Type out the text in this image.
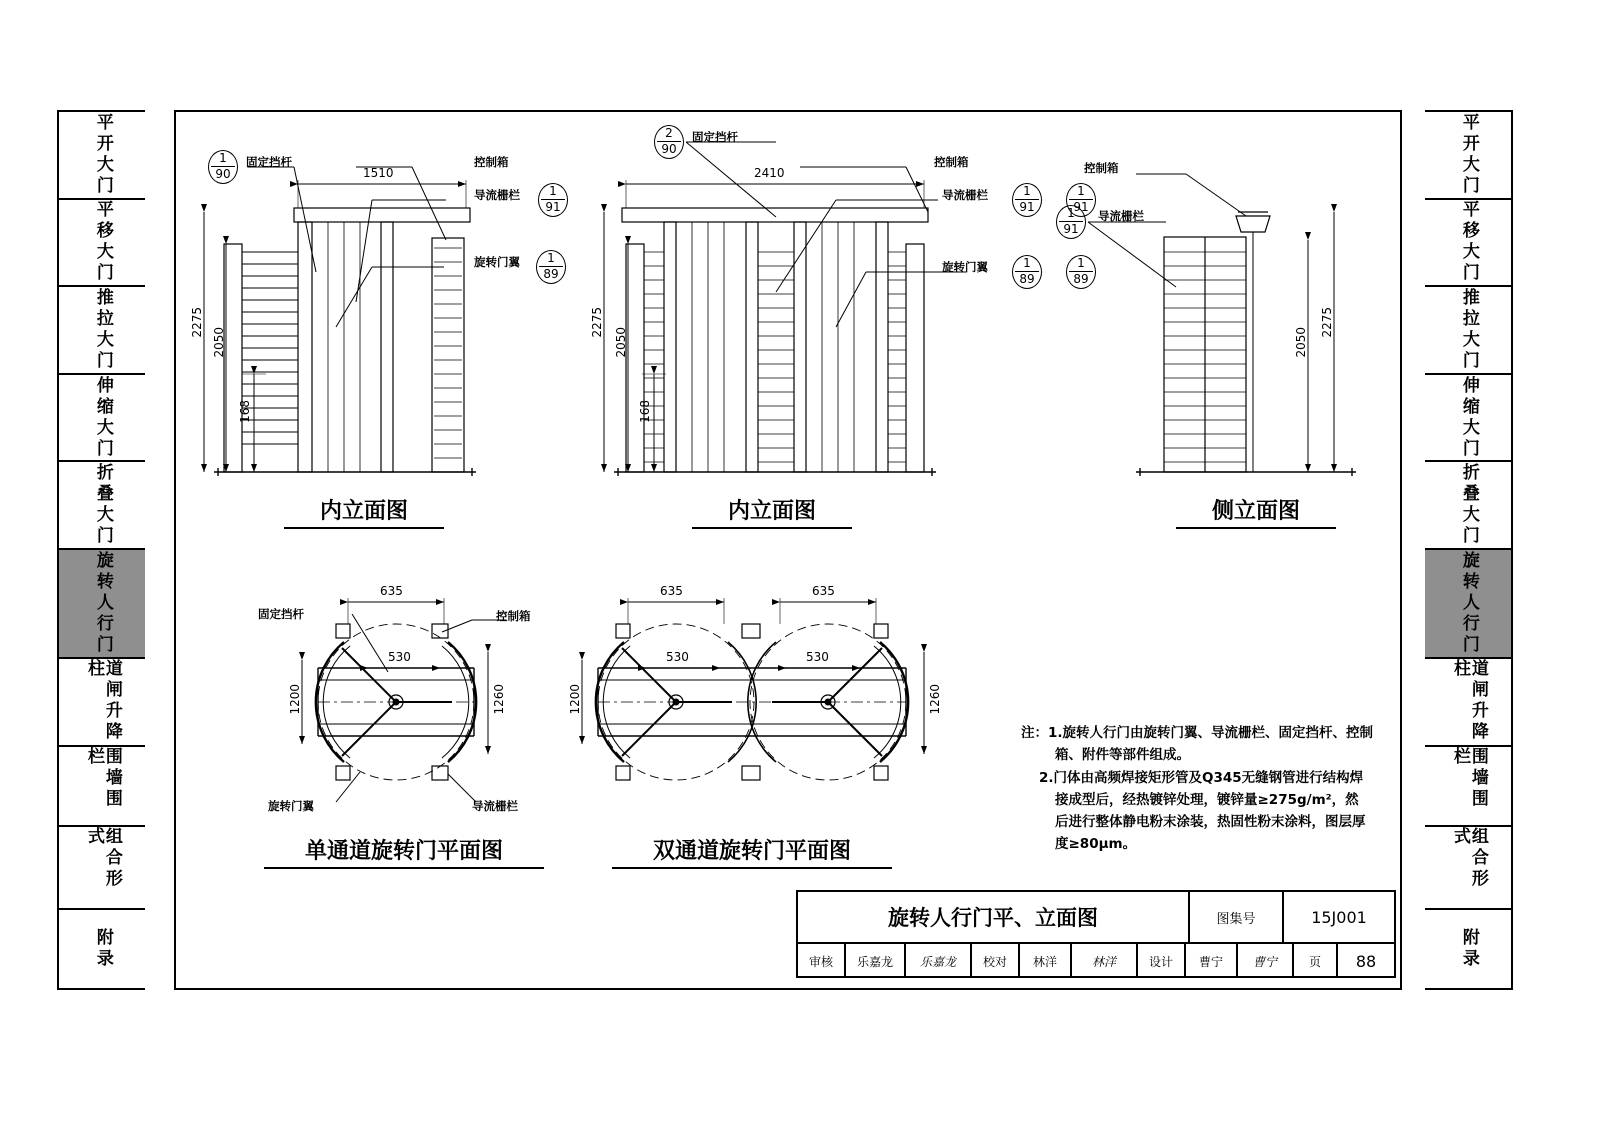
平开大门
平移大门
推拉大门
伸缩大门
折叠大门
旋转人行门
道闸升降柱
围墙围栏
组合形式
附录
平开大门
平移大门
推拉大门
伸缩大门
折叠大门
旋转人行门
道闸升降柱
围墙围栏
组合形式
附录
1
90
1
91
1
89
2
90
1
91
1
91
1
89
1
89
1
91
固定挡杆	控制箱
导流栅栏
旋转门翼
1510
2275
2050
168
固定挡杆
控制箱
导流栅栏
旋转门翼
2410
2275
2050
168
控制箱
导流栅栏
2050
2275
固定挡杆	控制箱
旋转门翼	导流栅栏
635
530
1200	1260
635	635
530	530
1200	1260
内立面图	内立面图	侧立面图
单通道旋转门平面图	双通道旋转门平面图
注：1.旋转人行门由旋转门翼、导流栅栏、固定挡杆、控制
箱、附件等部件组成。
2.门体由高频焊接矩形管及Q345无缝钢管进行结构焊
接成型后，经热镀锌处理，镀锌量≥275g/m²，然
后进行整体静电粉末涂装，热固性粉末涂料，图层厚
度≥80μm。
旋转人行门平、立面图	图集号	15J001
审核	乐嘉龙	乐嘉龙	校对	林洋	林洋	设计	曹宁	曹宁	页	88
